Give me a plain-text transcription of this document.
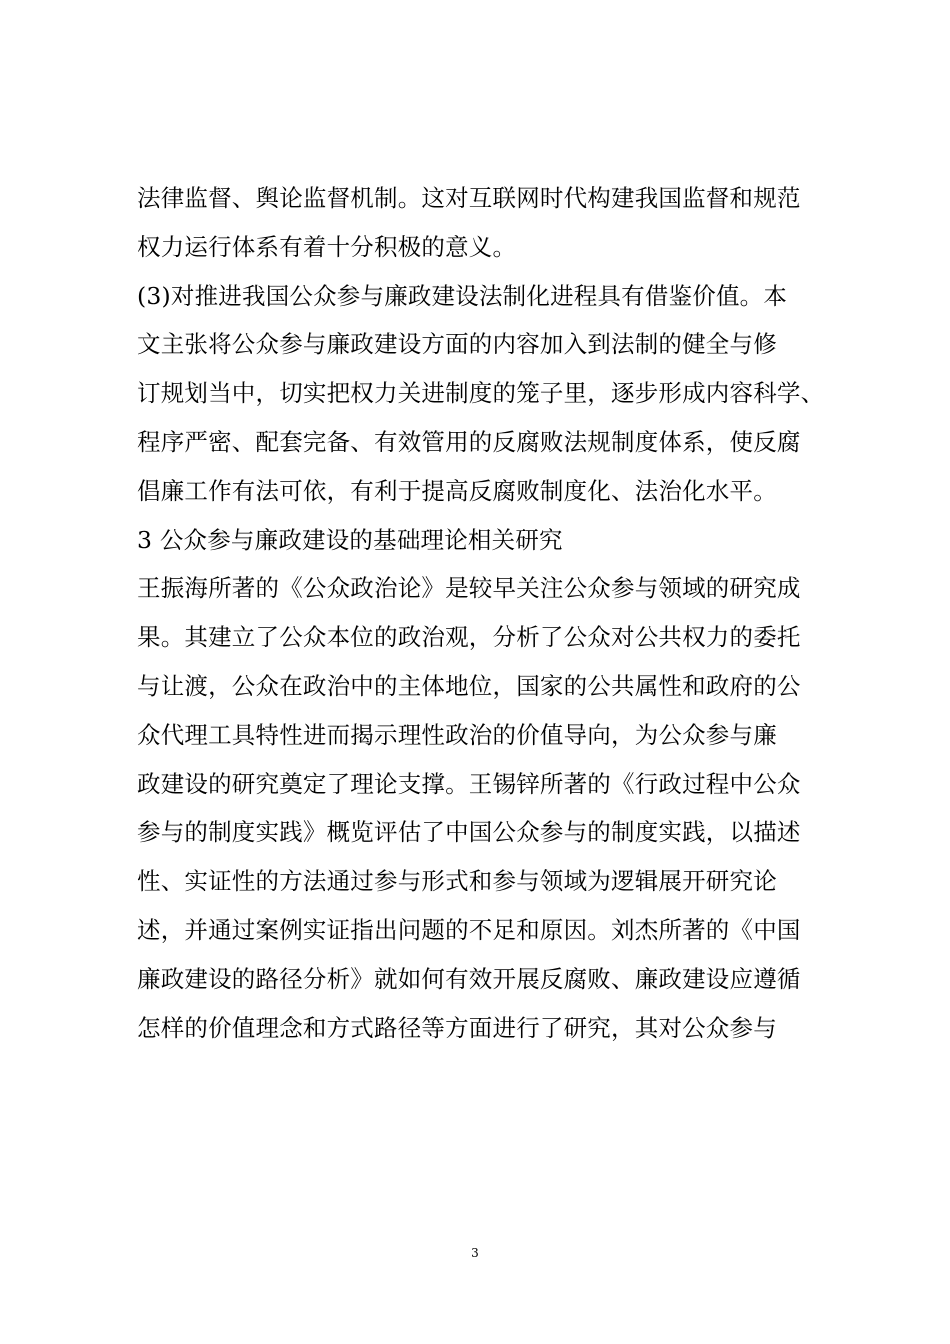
法律监督、舆论监督机制。这对互联网时代构建我国监督和规范
权力运行体系有着十分积极的意义。
(3)对推进我国公众参与廉政建设法制化进程具有借鉴价值。本
文主张将公众参与廉政建设方面的内容加入到法制的健全与修
订规划当中，切实把权力关进制度的笼子里，逐步形成内容科学、
程序严密、配套完备、有效管用的反腐败法规制度体系，使反腐
倡廉工作有法可依，有利于提高反腐败制度化、法治化水平。
3 公众参与廉政建设的基础理论相关研究
王振海所著的《公众政治论》是较早关注公众参与领域的研究成
果。其建立了公众本位的政治观，分析了公众对公共权力的委托
与让渡，公众在政治中的主体地位，国家的公共属性和政府的公
众代理工具特性进而揭示理性政治的价值导向，为公众参与廉
政建设的研究奠定了理论支撑。王锡锌所著的《行政过程中公众
参与的制度实践》概览评估了中国公众参与的制度实践，以描述
性、实证性的方法通过参与形式和参与领域为逻辑展开研究论
述，并通过案例实证指出问题的不足和原因。刘杰所著的《中国
廉政建设的路径分析》就如何有效开展反腐败、廉政建设应遵循
怎样的价值理念和方式路径等方面进行了研究，其对公众参与
3
